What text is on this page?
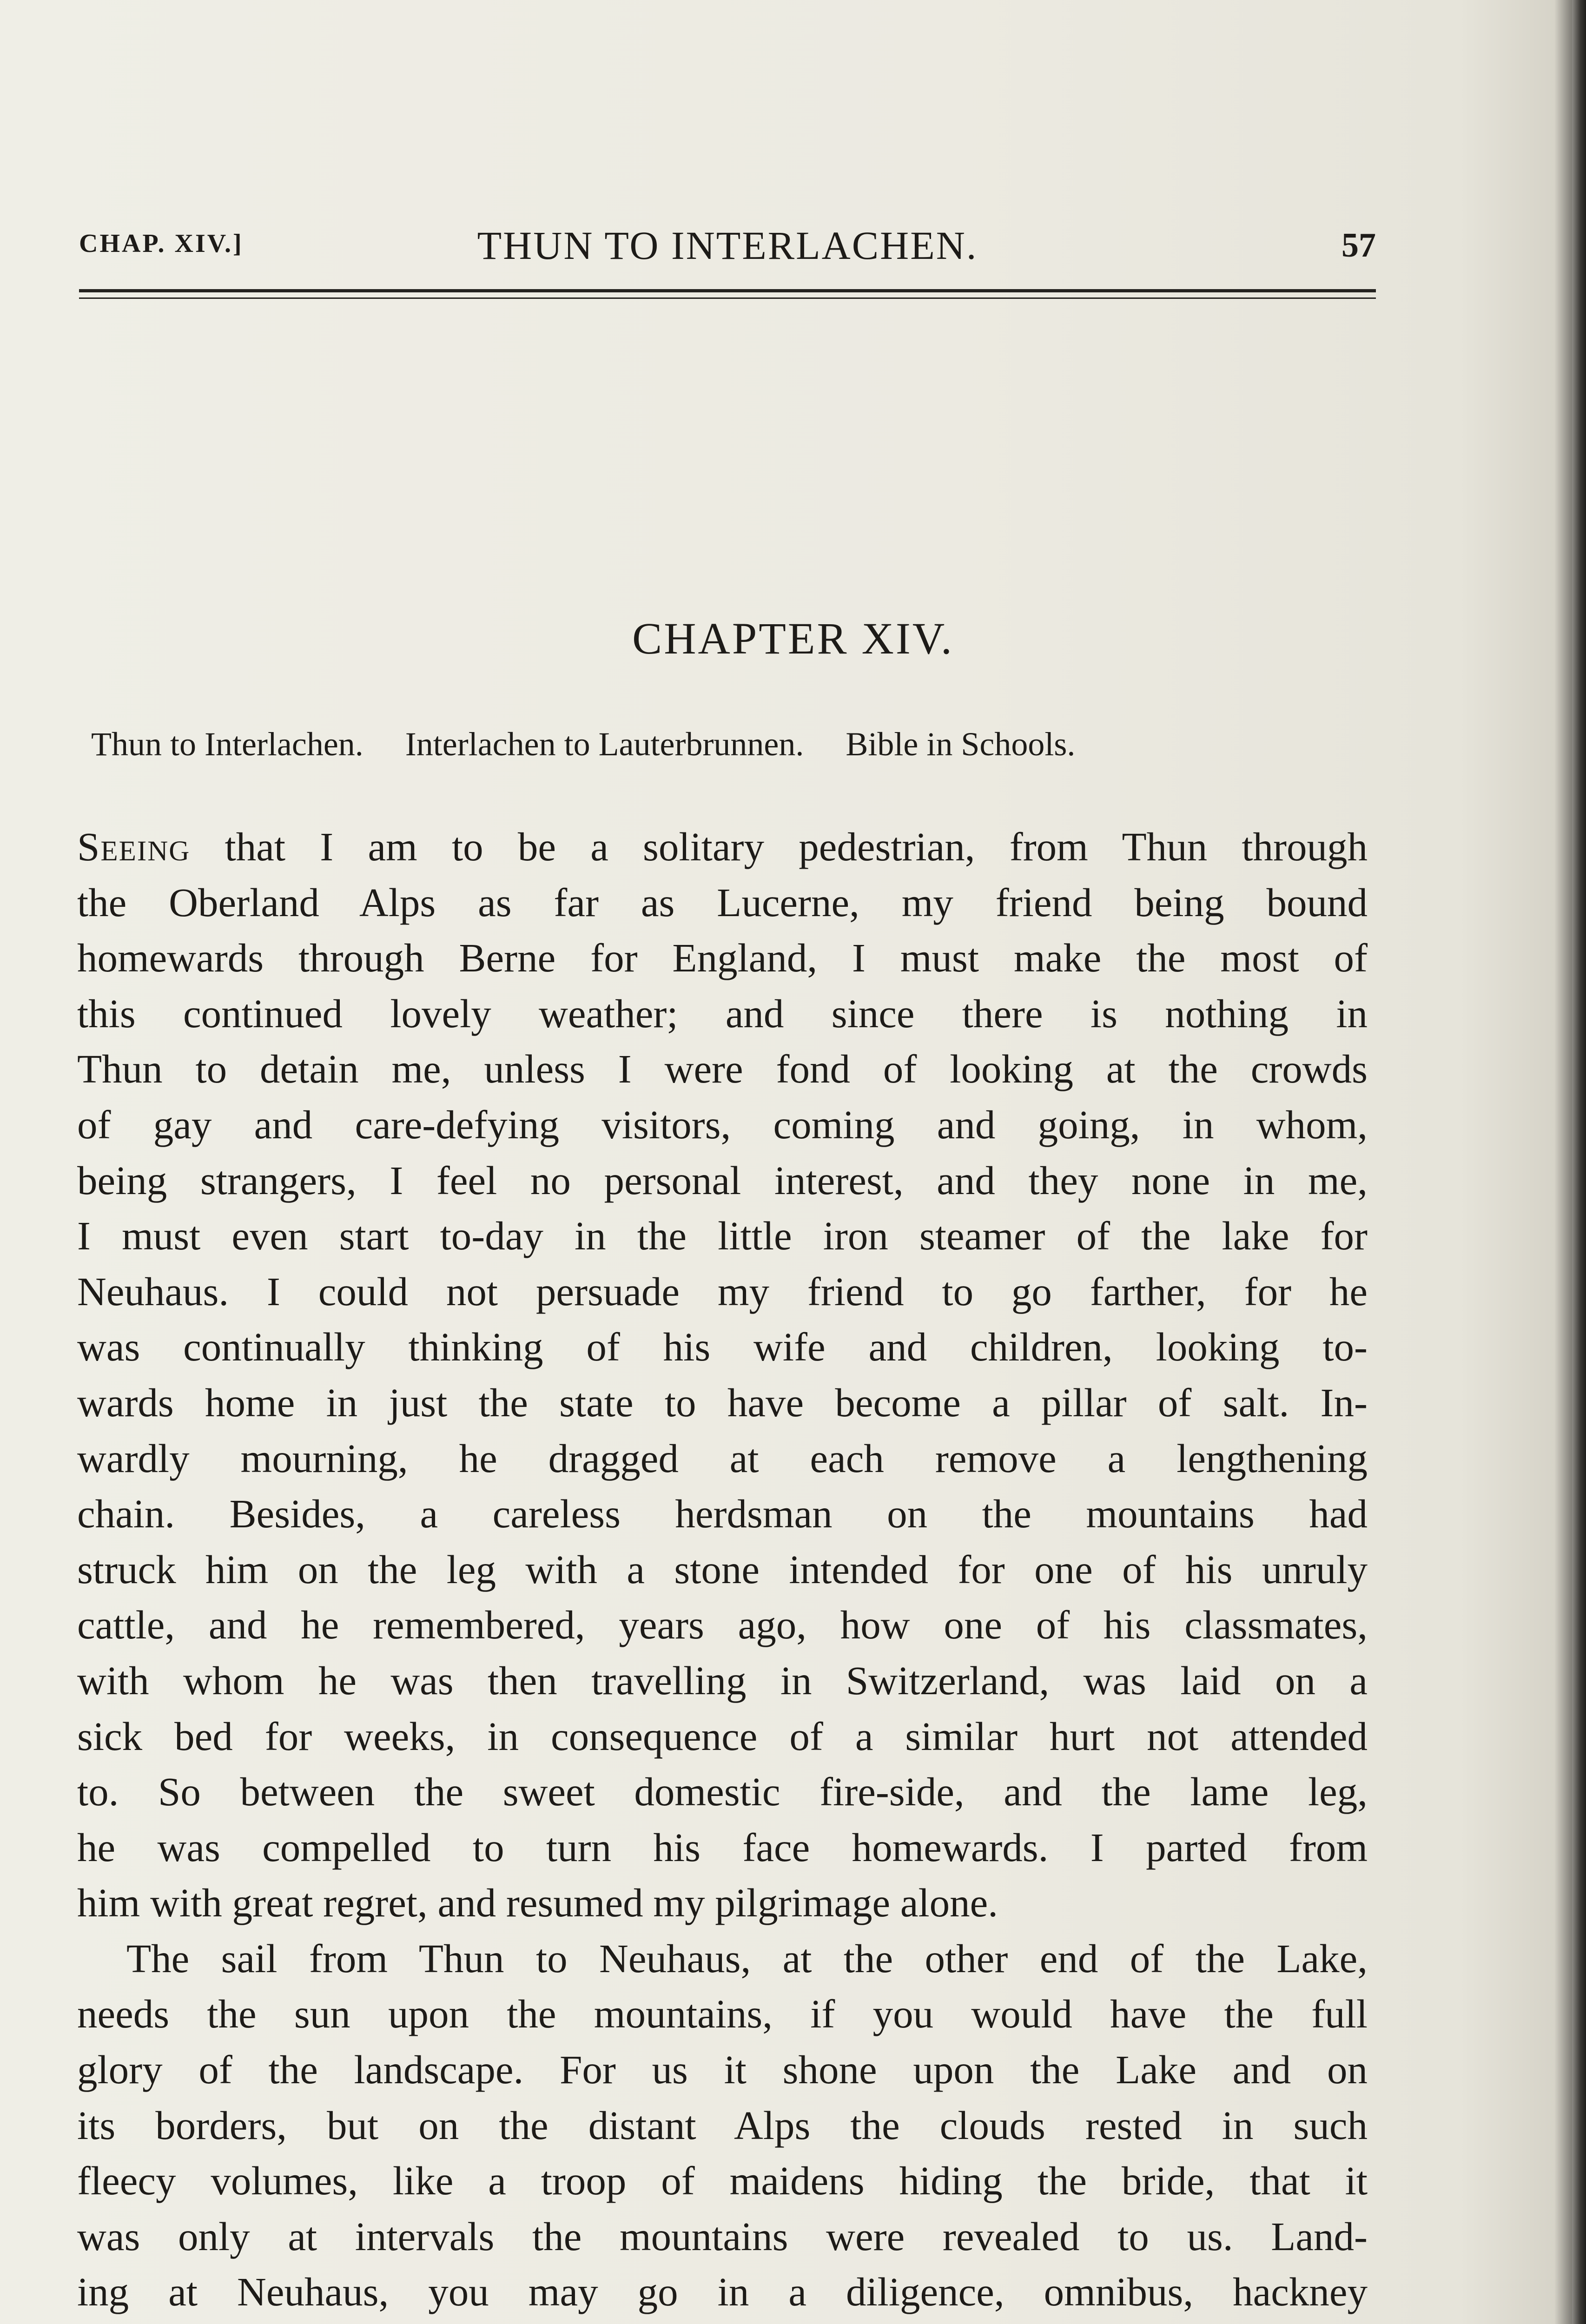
CHAP. XIV.]	THUN TO INTERLACHEN.	57
CHAPTER XIV.
Thun to Interlachen. Interlachen to Lauterbrunnen. Bible in Schools.
Seeing that I am to be a solitary pedestrian, from Thun through
the Oberland Alps as far as Lucerne, my friend being bound
homewards through Berne for England, I must make the most of
this continued lovely weather; and since there is nothing in
Thun to detain me, unless I were fond of looking at the crowds
of gay and care-defying visitors, coming and going, in whom,
being strangers, I feel no personal interest, and they none in me,
I must even start to-day in the little iron steamer of the lake for
Neuhaus. I could not persuade my friend to go farther, for he
was continually thinking of his wife and children, looking to-
wards home in just the state to have become a pillar of salt. In-
wardly mourning, he dragged at each remove a lengthening
chain. Besides, a careless herdsman on the mountains had
struck him on the leg with a stone intended for one of his unruly
cattle, and he remembered, years ago, how one of his classmates,
with whom he was then travelling in Switzerland, was laid on a
sick bed for weeks, in consequence of a similar hurt not attended
to. So between the sweet domestic fire-side, and the lame leg,
he was compelled to turn his face homewards. I parted from
him with great regret, and resumed my pilgrimage alone.
The sail from Thun to Neuhaus, at the other end of the Lake,
needs the sun upon the mountains, if you would have the full
glory of the landscape. For us it shone upon the Lake and on
its borders, but on the distant Alps the clouds rested in such
fleecy volumes, like a troop of maidens hiding the bride, that it
was only at intervals the mountains were revealed to us. Land-
ing at Neuhaus, you may go in a diligence, omnibus, hackney
